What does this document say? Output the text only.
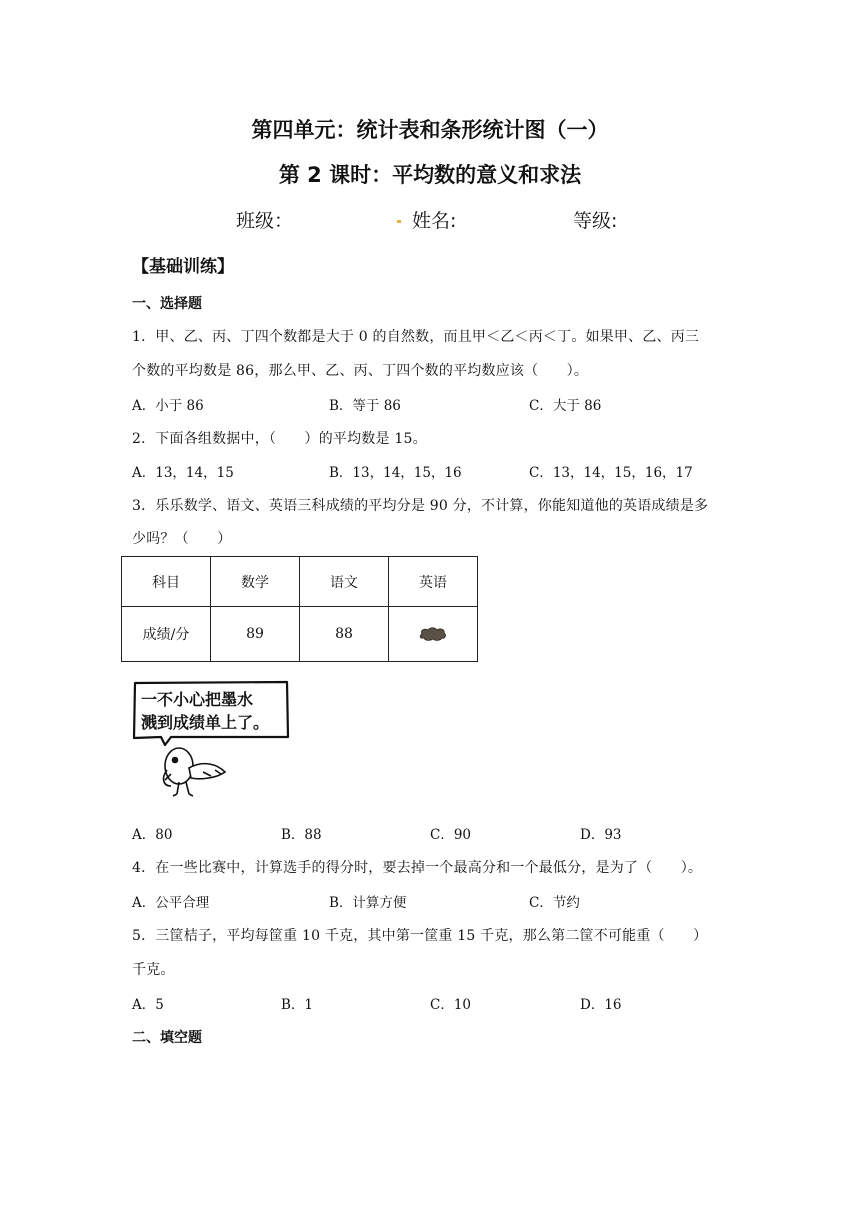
第四单元：统计表和条形统计图（一）
第 2 课时：平均数的意义和求法
班级：	姓名:	等级:
【基础训练】
一、选择题
1．甲、乙、丙、丁四个数都是大于 0 的自然数，而且甲＜乙＜丙＜丁。如果甲、乙、丙三
个数的平均数是 86，那么甲、乙、丙、丁四个数的平均数应该（　　）。
A．小于 86	B．等于 86	C．大于 86
2．下面各组数据中，（　　）的平均数是 15。
A．13，14，15	B．13，14，15，16	C．13，14，15，16，17
3．乐乐数学、语文、英语三科成绩的平均分是 90 分，不计算，你能知道他的英语成绩是多
少吗？（　　）
科目	数学	语文	英语
成绩/分	89	88	
一不小心把墨水
溅到成绩单上了。
A．80	B．88	C．90	D．93
4．在一些比赛中，计算选手的得分时，要去掉一个最高分和一个最低分，是为了（　　）。
A．公平合理	B．计算方便	C．节约
5．三筐桔子，平均每筐重 10 千克，其中第一筐重 15 千克，那么第二筐不可能重（　　）
千克。
A．5	B．1	C．10	D．16
二、填空题
